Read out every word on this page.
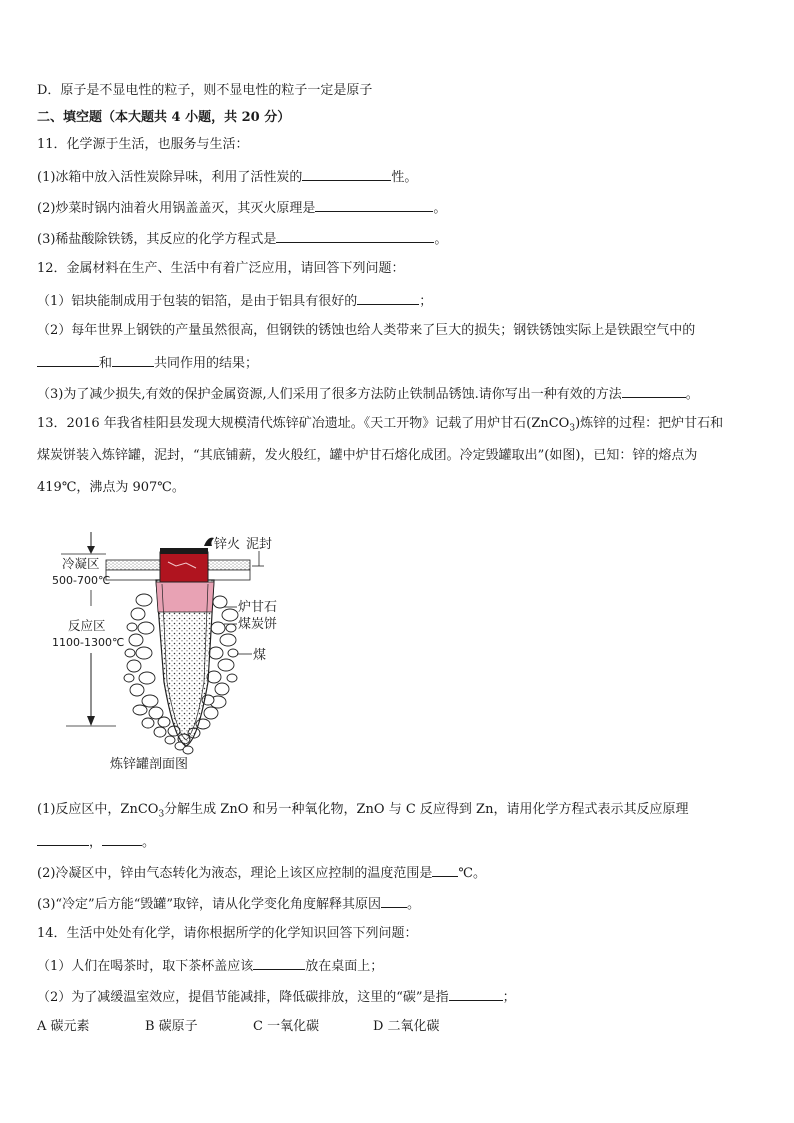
D．原子是不显电性的粒子，则不显电性的粒子一定是原子
二、填空题（本大题共 4 小题，共 20 分）
11．化学源于生活，也服务与生活：
(1)冰箱中放入活性炭除异味，利用了活性炭的	性。
(2)炒菜时锅内油着火用锅盖盖灭，其灭火原理是	。
(3)稀盐酸除铁锈，其反应的化学方程式是	。
12．金属材料在生产、生活中有着广泛应用，请回答下列问题：
（1）铝块能制成用于包装的铝箔，是由于铝具有很好的	；
（2）每年世界上钢铁的产量虽然很高，但钢铁的锈蚀也给人类带来了巨大的损失；钢铁锈蚀实际上是铁跟空气中的
和	共同作用的结果；
（3)为了减少损失,有效的保护金属资源,人们采用了很多方法防止铁制品锈蚀.请你写出一种有效的方法	。
13．2016 年我省桂阳县发现大规模清代炼锌矿冶遗址。《天工开物》记载了用炉甘石(ZnCO$_3$)炼锌的过程：把炉甘石和
煤炭饼装入炼锌罐，泥封，“其底铺薪，发火般红，罐中炉甘石熔化成团。冷定毁罐取出”(如图)，已知：锌的熔点为
419℃，沸点为 907℃。
锌火 泥封
炉甘石
煤炭饼
煤
冷凝区
500-700℃
反应区
1100-1300℃
炼锌罐剖面图
(1)反应区中，ZnCO$_3$分解生成 ZnO 和另一种氧化物，ZnO 与 C 反应得到 Zn，请用化学方程式表示其反应原理
，	。
(2)冷凝区中，锌由气态转化为液态，理论上该区应控制的温度范围是 ℃。
(3)“冷定”后方能“毁罐”取锌，请从化学变化角度解释其原因 。
14．生活中处处有化学，请你根据所学的化学知识回答下列问题：
（1）人们在喝茶时，取下茶杯盖应该	放在桌面上；
（2）为了减缓温室效应，提倡节能减排，降低碳排放，这里的“碳”是指	；
A 碳元素	B 碳原子	C 一氧化碳	D 二氧化碳
